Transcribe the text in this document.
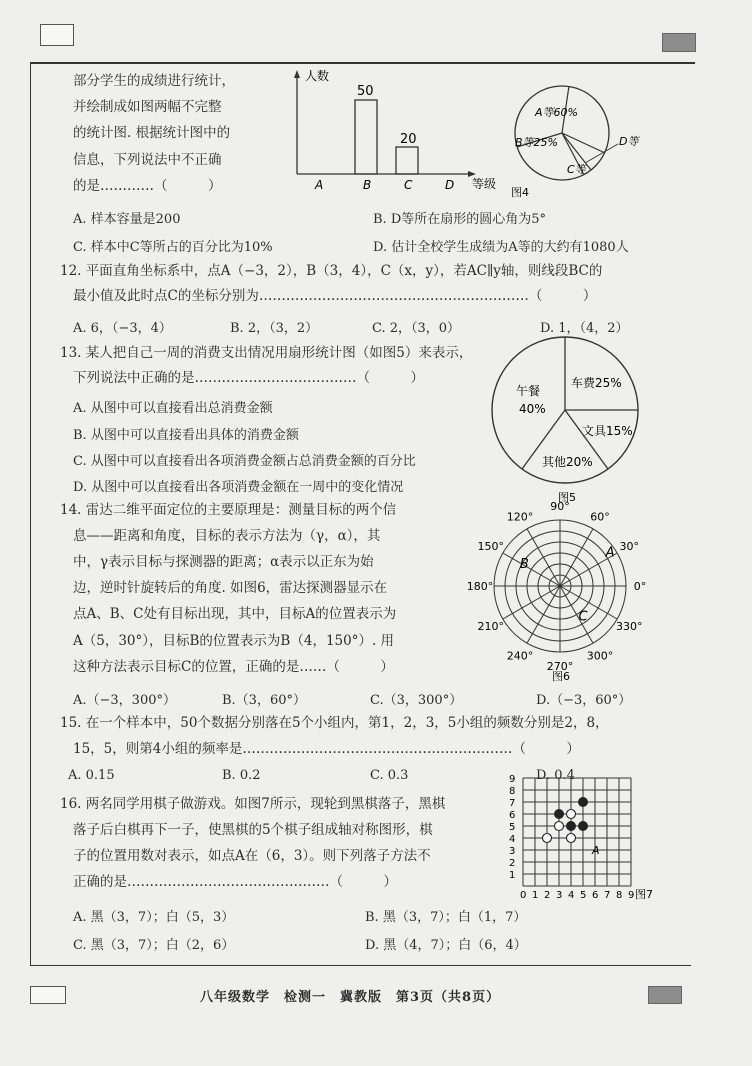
部分学生的成绩进行统计，
并绘制成如图两幅不完整
的统计图. 根据统计图中的
信息，下列说法中不正确
的是…………（　　　）
人数
等级
50
20
A	B	C	D
A等60%
B等25%
C等
D等
图4
A. 样本容量是200	B. D等所在扇形的圆心角为5°
C. 样本中C等所占的百分比为10%	D. 估计全校学生成绩为A等的大约有1080人
12. 平面直角坐标系中，点A（−3，2），B（3，4），C（x，y），若AC∥y轴，则线段BC的
最小值及此时点C的坐标分别为……………………………………………………（　　　）
A. 6，（−3，4）	B. 2，（3，2）	C. 2，（3，0）	D. 1，（4，2）
13. 某人把自己一周的消费支出情况用扇形统计图（如图5）来表示，
下列说法中正确的是………………………………（　　　）
A. 从图中可以直接看出总消费金额
B. 从图中可以直接看出具体的消费金额
C. 从图中可以直接看出各项消费金额占总消费金额的百分比
D. 从图中可以直接看出各项消费金额在一周中的变化情况
午餐
40%
车费25%
文具15%
其他20%
图5
14. 雷达二维平面定位的主要原理是：测量目标的两个信
息——距离和角度，目标的表示方法为（γ，α），其
中，γ表示目标与探测器的距离；α表示以正东为始
边，逆时针旋转后的角度. 如图6，雷达探测器显示在
点A、B、C处有目标出现，其中，目标A的位置表示为
A（5，30°），目标B的位置表示为B（4，150°）. 用
这种方法表示目标C的位置，正确的是……（　　　）
A.（−3，300°）	B.（3，60°）	C.（3，300°）	D.（−3，60°）
90°
60°
30°
0°
330°
300°
270°
240°
210°
180°
150°
120°
A
B
C
图6
15. 在一个样本中，50个数据分别落在5个小组内，第1，2，3，5小组的频数分别是2，8，
15，5，则第4小组的频率是……………………………………………………（　　　）
A. 0.15	B. 0.2	C. 0.3	D. 0.4
16. 两名同学用棋子做游戏。如图7所示，现轮到黑棋落子，黑棋
落子后白棋再下一子，使黑棋的5个棋子组成轴对称图形，棋
子的位置用数对表示，如点A在（6，3）。则下列落子方法不
正确的是………………………………………（　　　）
A. 黑（3，7）；白（5，3）	B. 黑（3，7）；白（1，7）
C. 黑（3，7）；白（2，6）	D. 黑（4，7）；白（6，4）
0 1 2 3 4 5 6 7 8 9
9
8
7
6
5
4
3
2
1
A
图7
八年级数学　检测一　冀教版　第3页（共8页）
